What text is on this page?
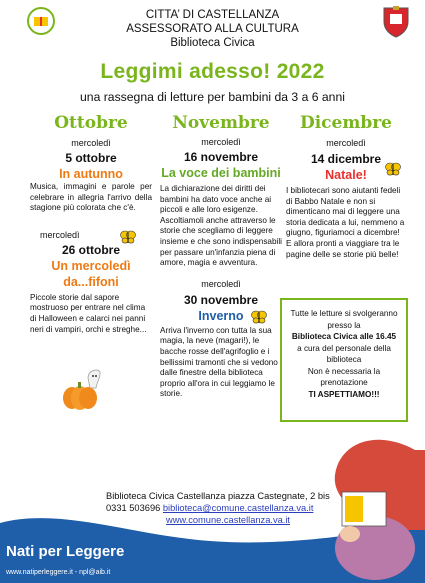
CITTA’ DI CASTELLANZA
ASSESSORATO ALLA CULTURA
Biblioteca Civica
Leggimi adesso! 2022
una rassegna di letture per bambini da 3 a 6 anni
Ottobre
mercoledì
5 ottobre
In autunno
Musica, immagini e parole per celebrare in allegria l'arrivo della stagione più colorata che c'è.
mercoledì
26 ottobre
Un mercoledì da...fifoni
Piccole storie dal sapore mostruoso per entrare nel clima di Halloween e calarci nei panni neri di vampiri, orchi e streghe...
Novembre
mercoledì
16 novembre
La voce dei bambini
La dichiarazione dei diritti dei bambini ha dato voce anche ai piccoli e alle loro esigenze. Ascoltiamoli anche attraverso le storie che scegliamo di leggere insieme e che sono indispensabili per passare un'infanzia piena di amore, magia e avventura.
mercoledì
30 novembre
Inverno
Arriva l'inverno con tutta la sua magia, la neve (magari!), le bacche rosse dell'agrifoglio e i bellissimi tramonti che si vedono dalle finestre della biblioteca proprio all'ora in cui leggiamo le storie.
Dicembre
mercoledì
14 dicembre
Natale!
I bibliotecari sono aiutanti fedeli di Babbo Natale e non si dimenticano mai di leggere una storia dedicata a lui, nemmeno a giugno, figuriamoci a dicembre! E allora pronti a viaggiare tra le pagine delle se storie più belle!
Tutte le letture si svolgeranno presso la
Biblioteca Civica alle 16.45
a cura del personale della biblioteca
Non è necessaria la prenotazione
TI ASPETTIAMO!!!
Biblioteca Civica Castellanza piazza Castegnate, 2 bis
0331 503696 biblioteca@comune.castellanza.va.it
www.comune.castellanza.va.it
Nati per Leggere
www.natiperleggere.it - npl@aib.it
